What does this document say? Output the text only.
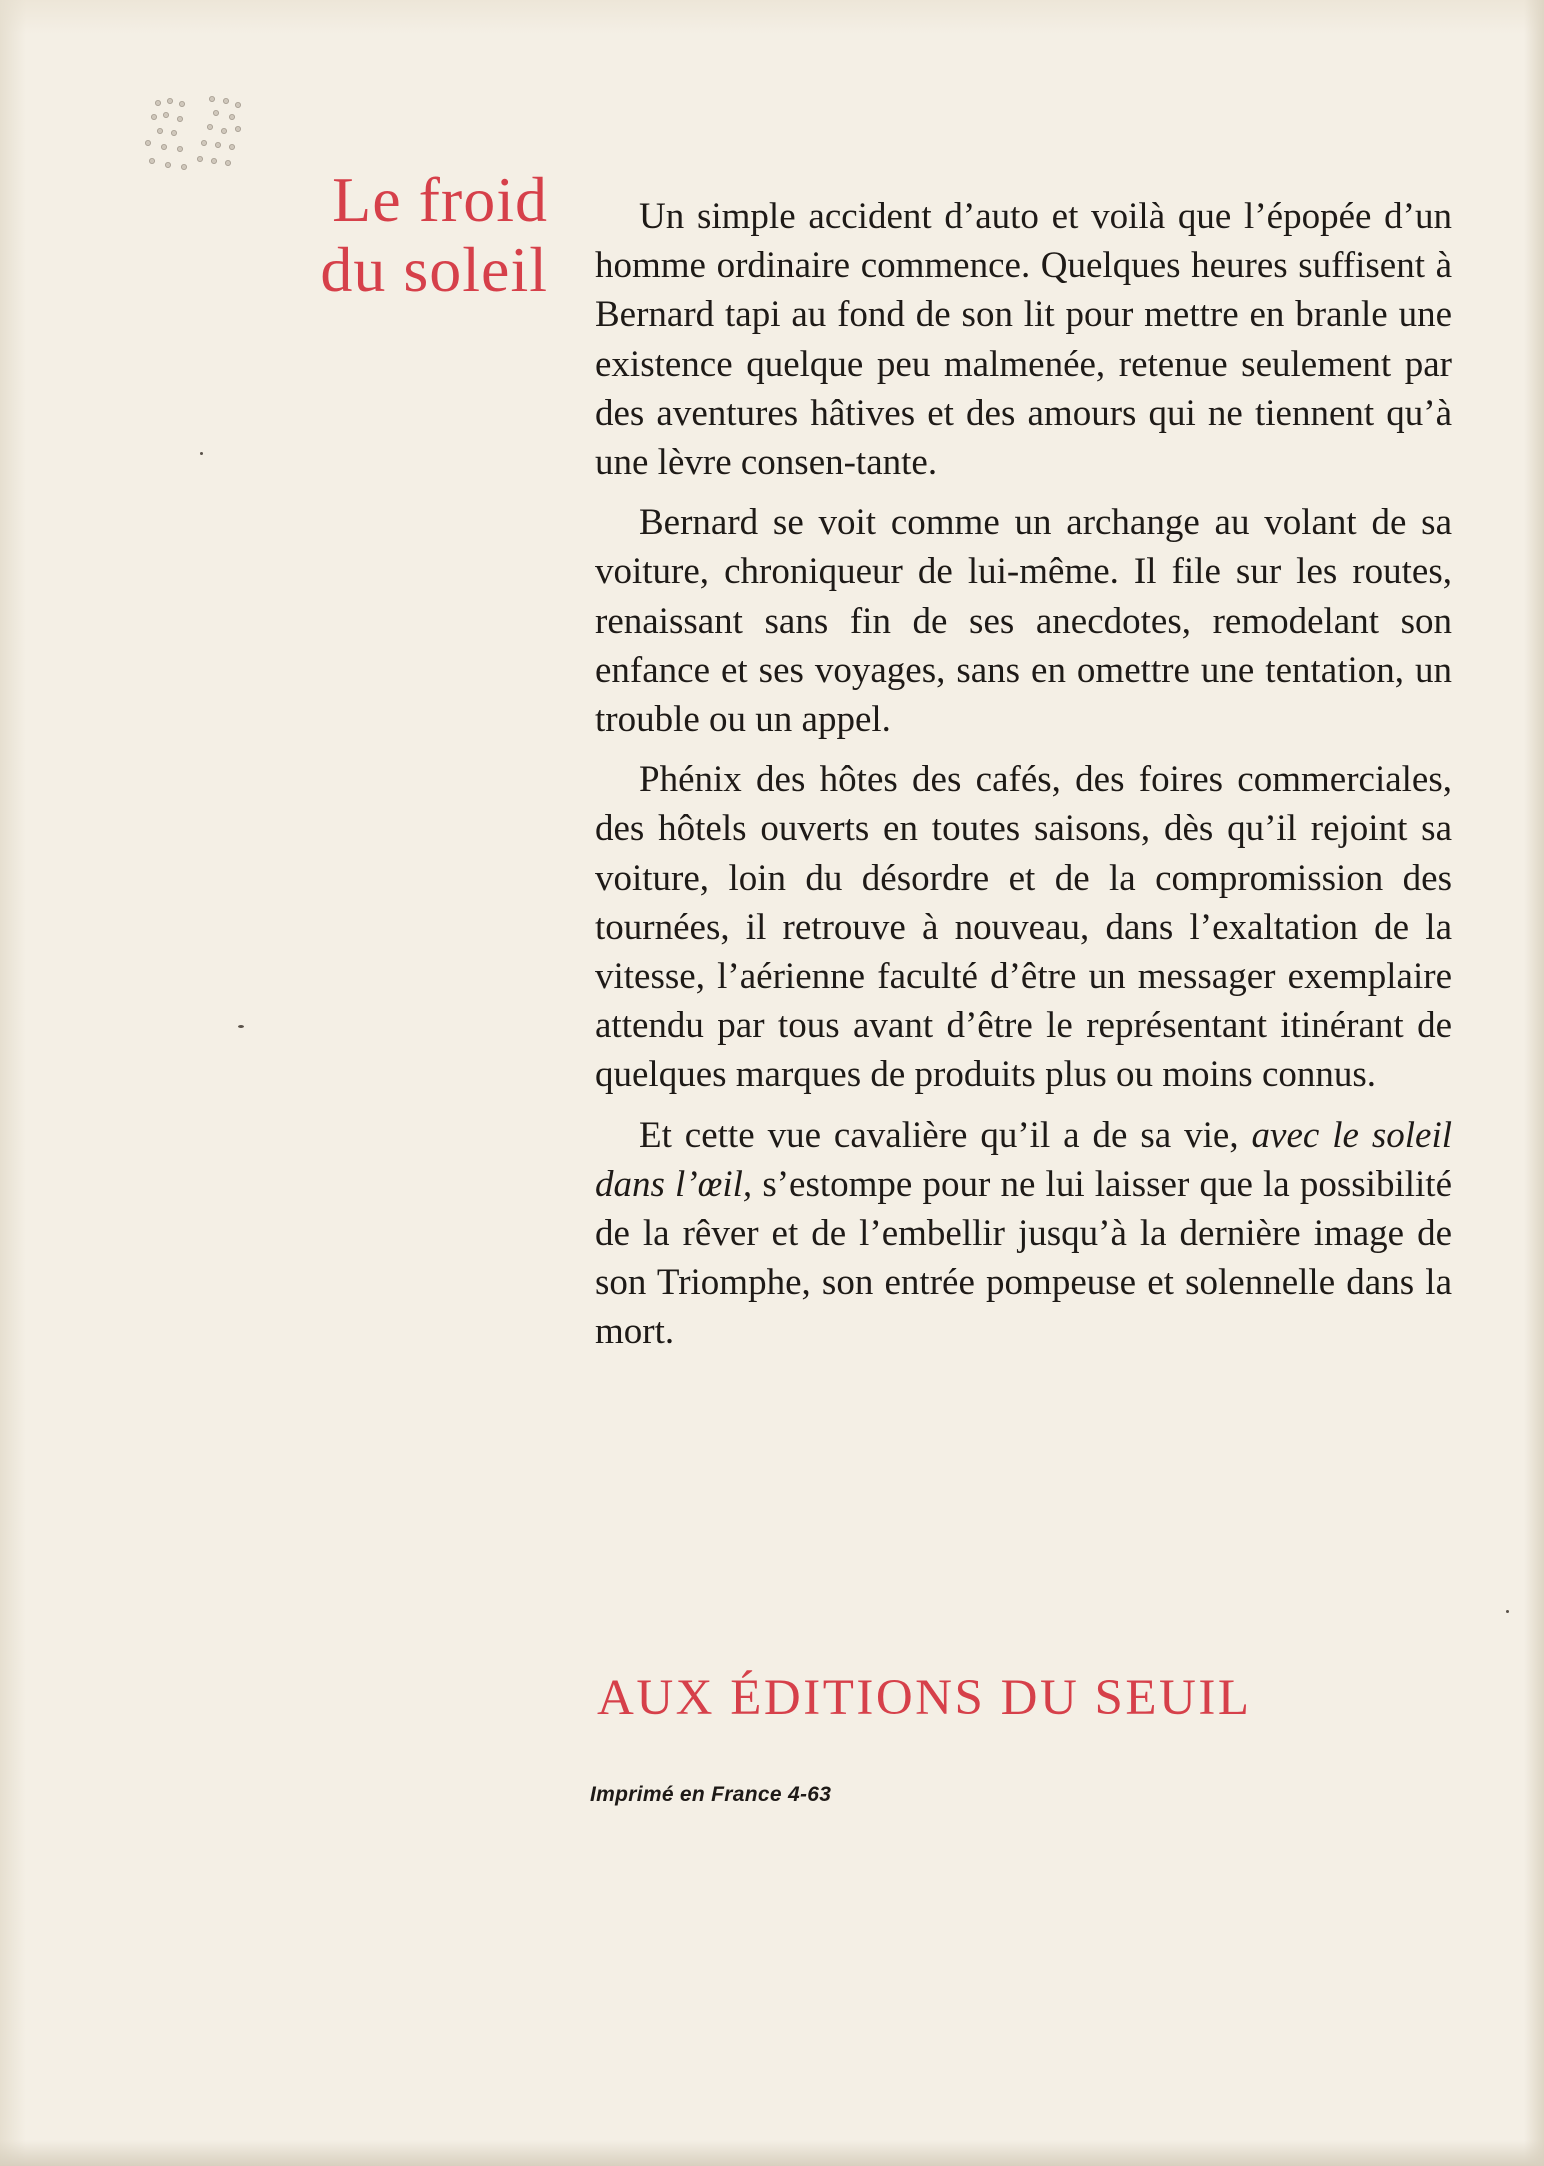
Le froid
du soleil

Un simple accident d’auto et voilà que l’épopée d’un homme ordinaire commence. Quelques heures suffisent à Bernard tapi au fond de son lit pour mettre en branle une existence quelque peu malmenée, retenue seulement par des aventures hâtives et des amours qui ne tiennent qu’à une lèvre consen-tante.

Bernard se voit comme un archange au volant de sa voiture, chroniqueur de lui-même. Il file sur les routes, renaissant sans fin de ses anecdotes, remodelant son enfance et ses voyages, sans en omettre une tentation, un trouble ou un appel.

Phénix des hôtes des cafés, des foires commerciales, des hôtels ouverts en toutes saisons, dès qu’il rejoint sa voiture, loin du désordre et de la compromission des tournées, il retrouve à nouveau, dans l’exaltation de la vitesse, l’aérienne faculté d’être un messager exemplaire attendu par tous avant d’être le représentant itinérant de quelques marques de produits plus ou moins connus.

Et cette vue cavalière qu’il a de sa vie, avec le soleil dans l’œil, s’estompe pour ne lui laisser que la possibilité de la rêver et de l’embellir jusqu’à la dernière image de son Triomphe, son entrée pompeuse et solennelle dans la mort.

AUX ÉDITIONS DU SEUIL
Imprimé en France 4-63
